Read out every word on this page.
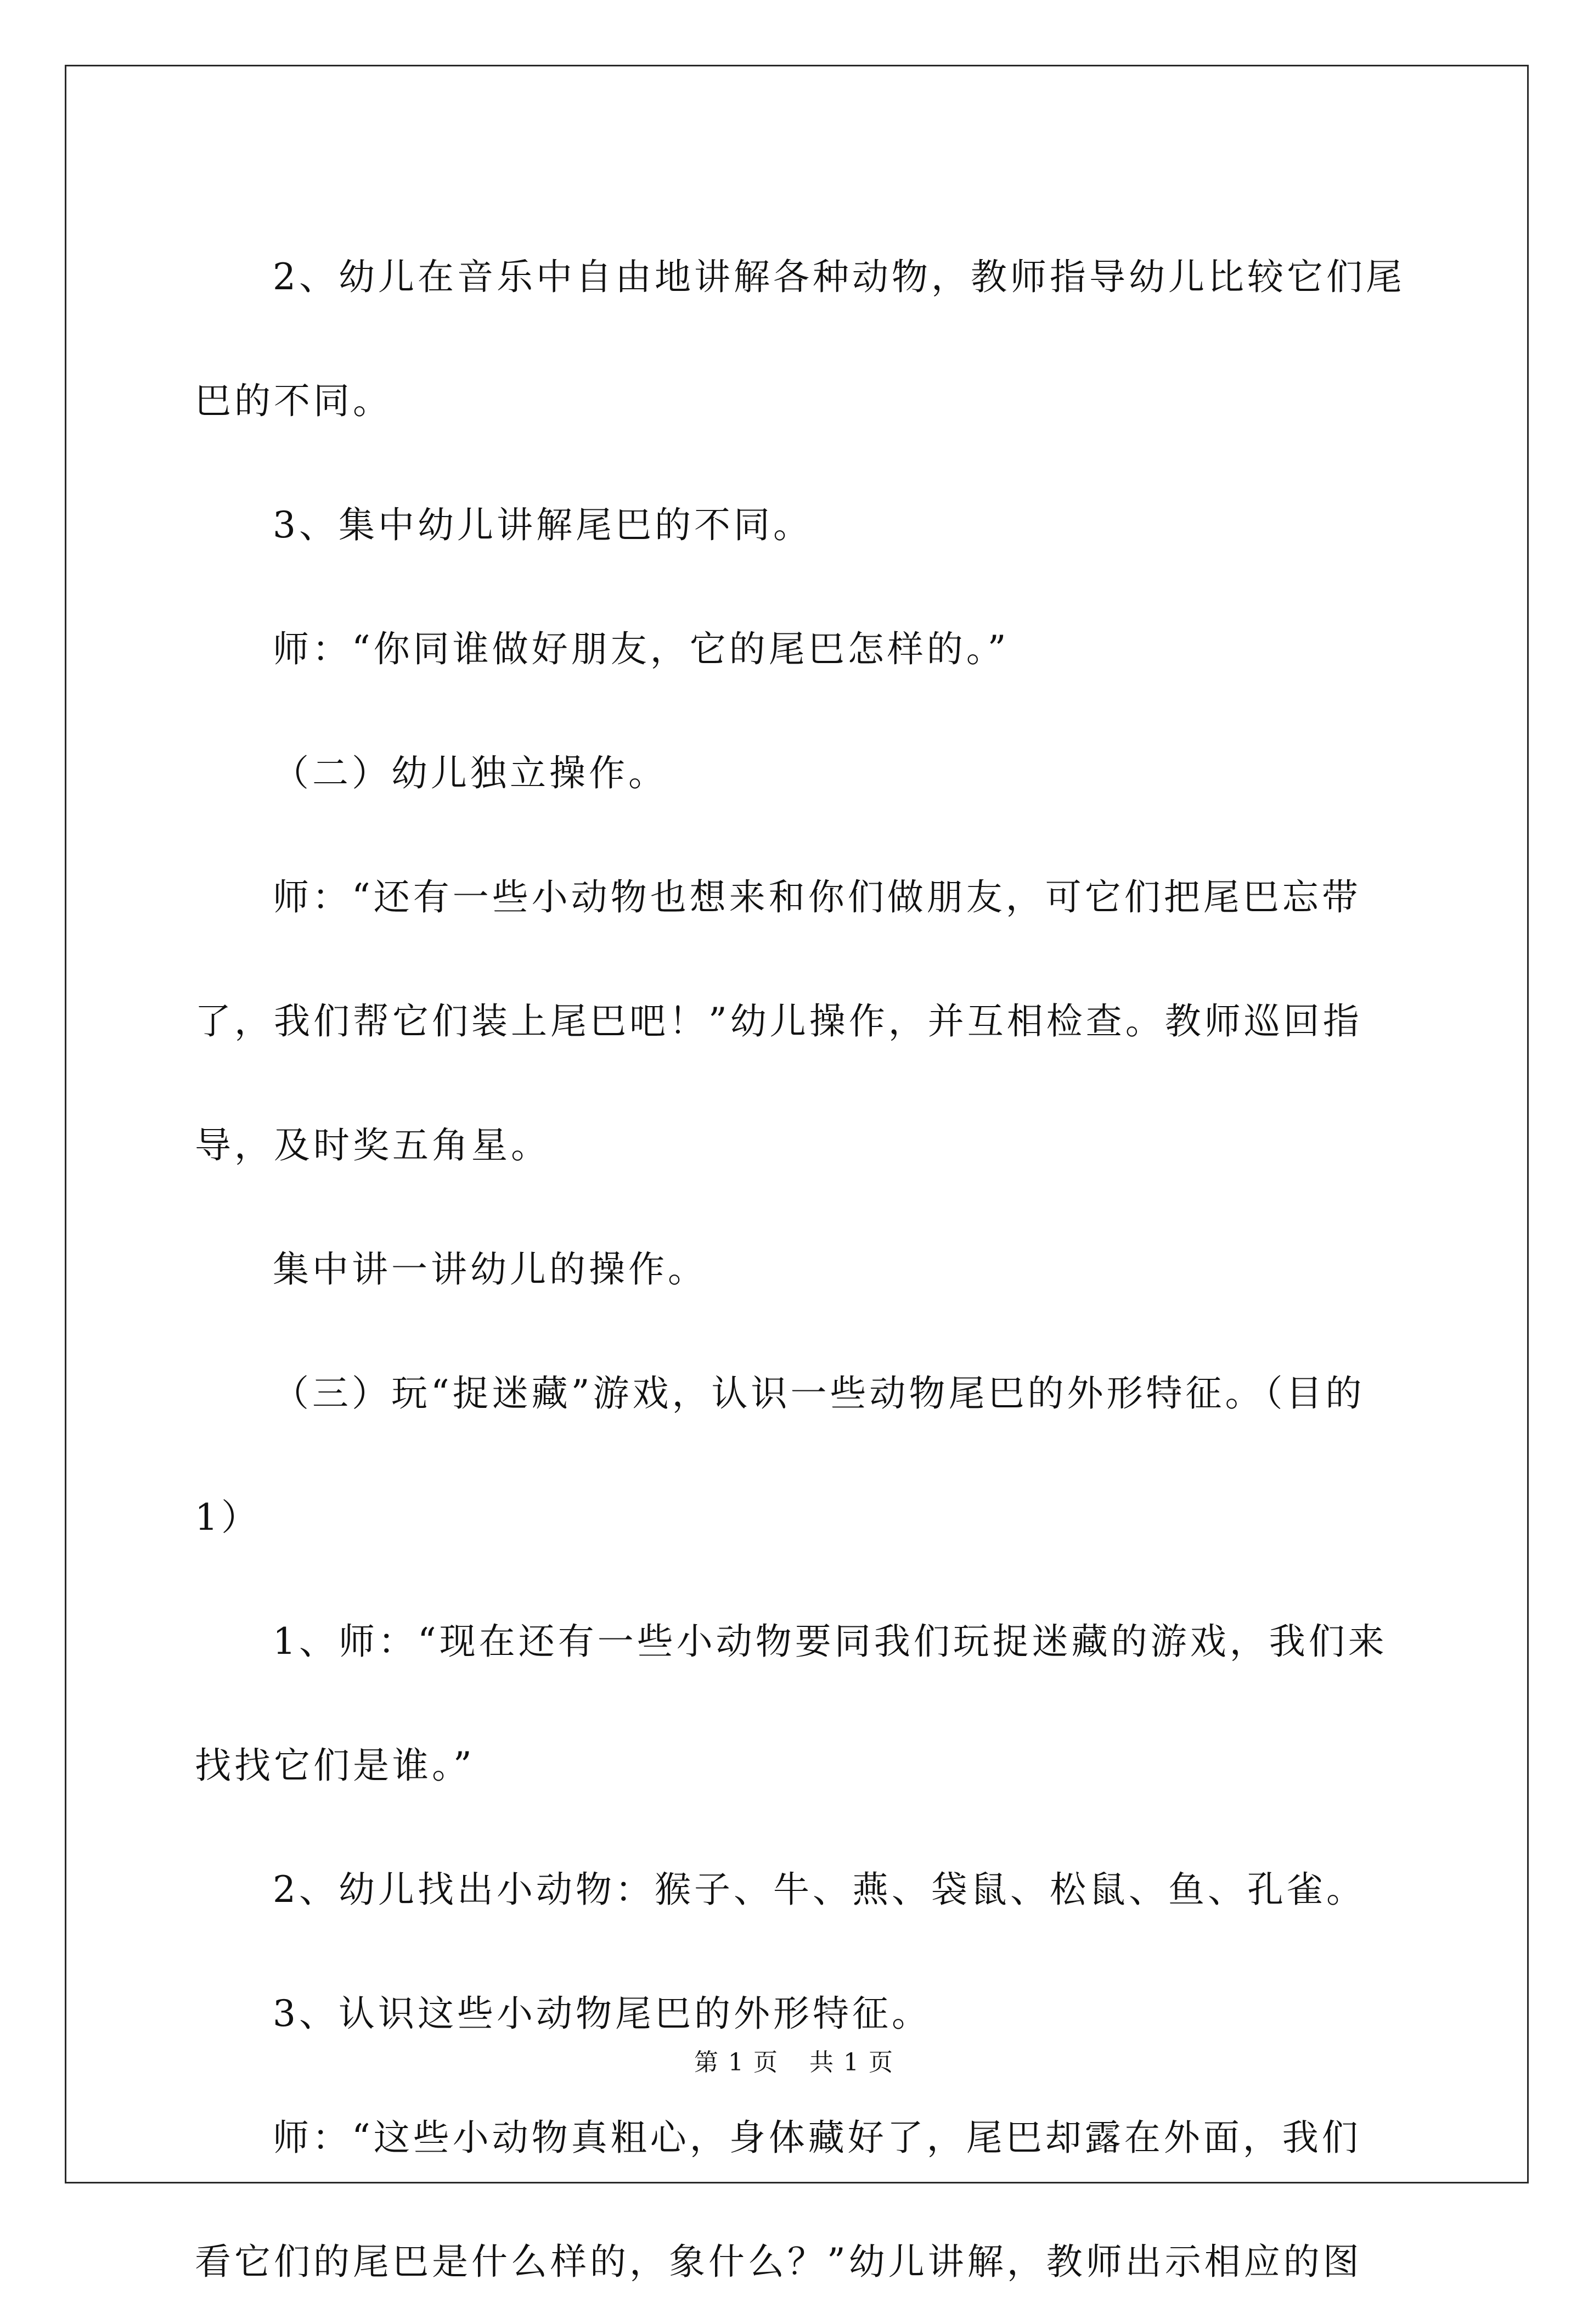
2、幼儿在音乐中自由地讲解各种动物，教师指导幼儿比较它们尾

巴的不同。

3、集中幼儿讲解尾巴的不同。

师：“你同谁做好朋友，它的尾巴怎样的。”

（二）幼儿独立操作。

师：“还有一些小动物也想来和你们做朋友，可它们把尾巴忘带

了，我们帮它们装上尾巴吧！”幼儿操作，并互相检查。教师巡回指

导，及时奖五角星。

集中讲一讲幼儿的操作。

（三）玩“捉迷藏”游戏，认识一些动物尾巴的外形特征。（目的

1）

1、师：“现在还有一些小动物要同我们玩捉迷藏的游戏，我们来

找找它们是谁。”

2、幼儿找出小动物：猴子、牛、燕、袋鼠、松鼠、鱼、孔雀。

3、认识这些小动物尾巴的外形特征。

师：“这些小动物真粗心，身体藏好了，尾巴却露在外面，我们

看它们的尾巴是什么样的，象什么？”幼儿讲解，教师出示相应的图

第 1 页 共 1 页
